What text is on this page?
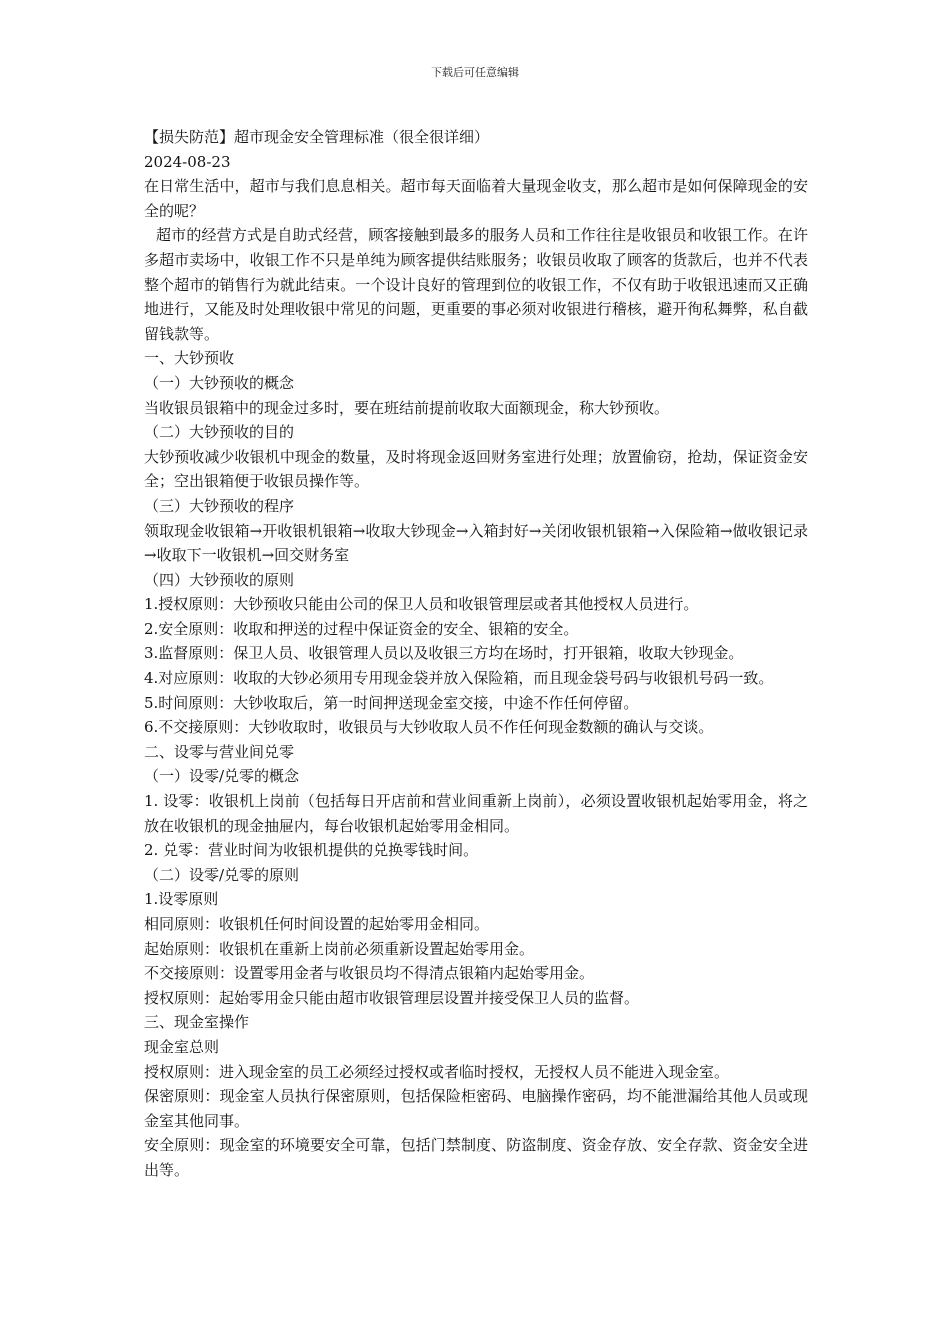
下载后可任意编辑

【损失防范】超市现金安全管理标准（很全很详细）

2024-08-23

在日常生活中，超市与我们息息相关。超市每天面临着大量现金收支，那么超市是如何保障现金的安全的呢？

超市的经营方式是自助式经营，顾客接触到最多的服务人员和工作往往是收银员和收银工作。在许多超市卖场中，收银工作不只是单纯为顾客提供结账服务；收银员收取了顾客的货款后，也并不代表整个超市的销售行为就此结束。一个设计良好的管理到位的收银工作，不仅有助于收银迅速而又正确地进行，又能及时处理收银中常见的问题，更重要的事必须对收银进行稽核，避开徇私舞弊，私自截留钱款等。

一、大钞预收

（一）大钞预收的概念

当收银员银箱中的现金过多时，要在班结前提前收取大面额现金，称大钞预收。

（二）大钞预收的目的

大钞预收减少收银机中现金的数量，及时将现金返回财务室进行处理；放置偷窃，抢劫，保证资金安全；空出银箱便于收银员操作等。

（三）大钞预收的程序

领取现金收银箱→开收银机银箱→收取大钞现金→入箱封好→关闭收银机银箱→入保险箱→做收银记录→收取下一收银机→回交财务室

（四）大钞预收的原则

1.授权原则：大钞预收只能由公司的保卫人员和收银管理层或者其他授权人员进行。

2.安全原则：收取和押送的过程中保证资金的安全、银箱的安全。

3.监督原则：保卫人员、收银管理人员以及收银三方均在场时，打开银箱，收取大钞现金。

4.对应原则：收取的大钞必须用专用现金袋并放入保险箱，而且现金袋号码与收银机号码一致。

5.时间原则：大钞收取后，第一时间押送现金室交接，中途不作任何停留。

6.不交接原则：大钞收取时，收银员与大钞收取人员不作任何现金数额的确认与交谈。

二、设零与营业间兑零

（一）设零/兑零的概念

1. 设零：收银机上岗前（包括每日开店前和营业间重新上岗前），必须设置收银机起始零用金，将之放在收银机的现金抽屉内，每台收银机起始零用金相同。

2. 兑零：营业时间为收银机提供的兑换零钱时间。

（二）设零/兑零的原则

1.设零原则

相同原则：收银机任何时间设置的起始零用金相同。

起始原则：收银机在重新上岗前必须重新设置起始零用金。

不交接原则：设置零用金者与收银员均不得清点银箱内起始零用金。

授权原则：起始零用金只能由超市收银管理层设置并接受保卫人员的监督。

三、现金室操作

现金室总则

授权原则：进入现金室的员工必须经过授权或者临时授权，无授权人员不能进入现金室。

保密原则：现金室人员执行保密原则，包括保险柜密码、电脑操作密码，均不能泄漏给其他人员或现金室其他同事。

安全原则：现金室的环境要安全可靠，包括门禁制度、防盗制度、资金存放、安全存款、资金安全进出等。
